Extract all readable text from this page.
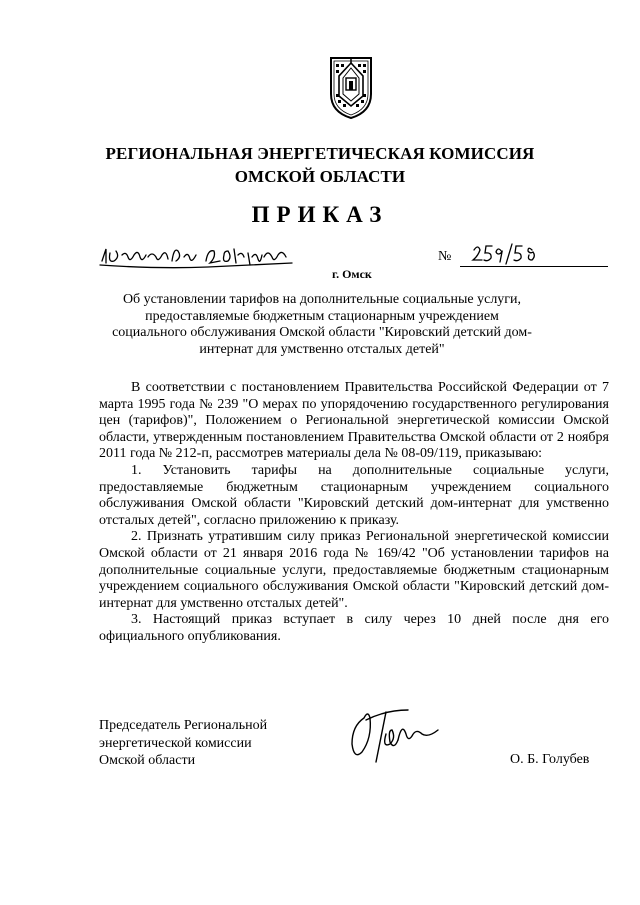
РЕГИОНАЛЬНАЯ ЭНЕРГЕТИЧЕСКАЯ КОМИССИЯ
ОМСКОЙ ОБЛАСТИ
ПРИКАЗ
№
г. Омск
Об установлении тарифов на дополнительные социальные услуги,
предоставляемые бюджетным стационарным учреждением
социального обслуживания Омской области "Кировский детский дом-
интернат для умственно отсталых детей"

В соответствии с постановлением Правительства Российской Федерации от 7 марта 1995 года № 239 "О мерах по упорядочению государственного регулирования цен (тарифов)", Положением о Региональной энергетической комиссии Омской области, утвержденным постановлением Правительства Омской области от 2 ноября 2011 года № 212-п, рассмотрев материалы дела № 08-09/119, приказываю:

1. Установить тарифы на дополнительные социальные услуги, предоставляемые бюджетным стационарным учреждением социального обслуживания Омской области "Кировский детский дом-интернат для умственно отсталых детей", согласно приложению к приказу.

2. Признать утратившим силу приказ Региональной энергетической комиссии Омской области от 21 января 2016 года № 169/42 "Об установлении тарифов на дополнительные социальные услуги, предоставляемые бюджетным стационарным учреждением социального обслуживания Омской области "Кировский детский дом-интернат для умственно отсталых детей".

3. Настоящий приказ вступает в силу через 10 дней после дня его официального опубликования.

Председатель Региональной
энергетической комиссии
Омской области	О. Б. Голубев
